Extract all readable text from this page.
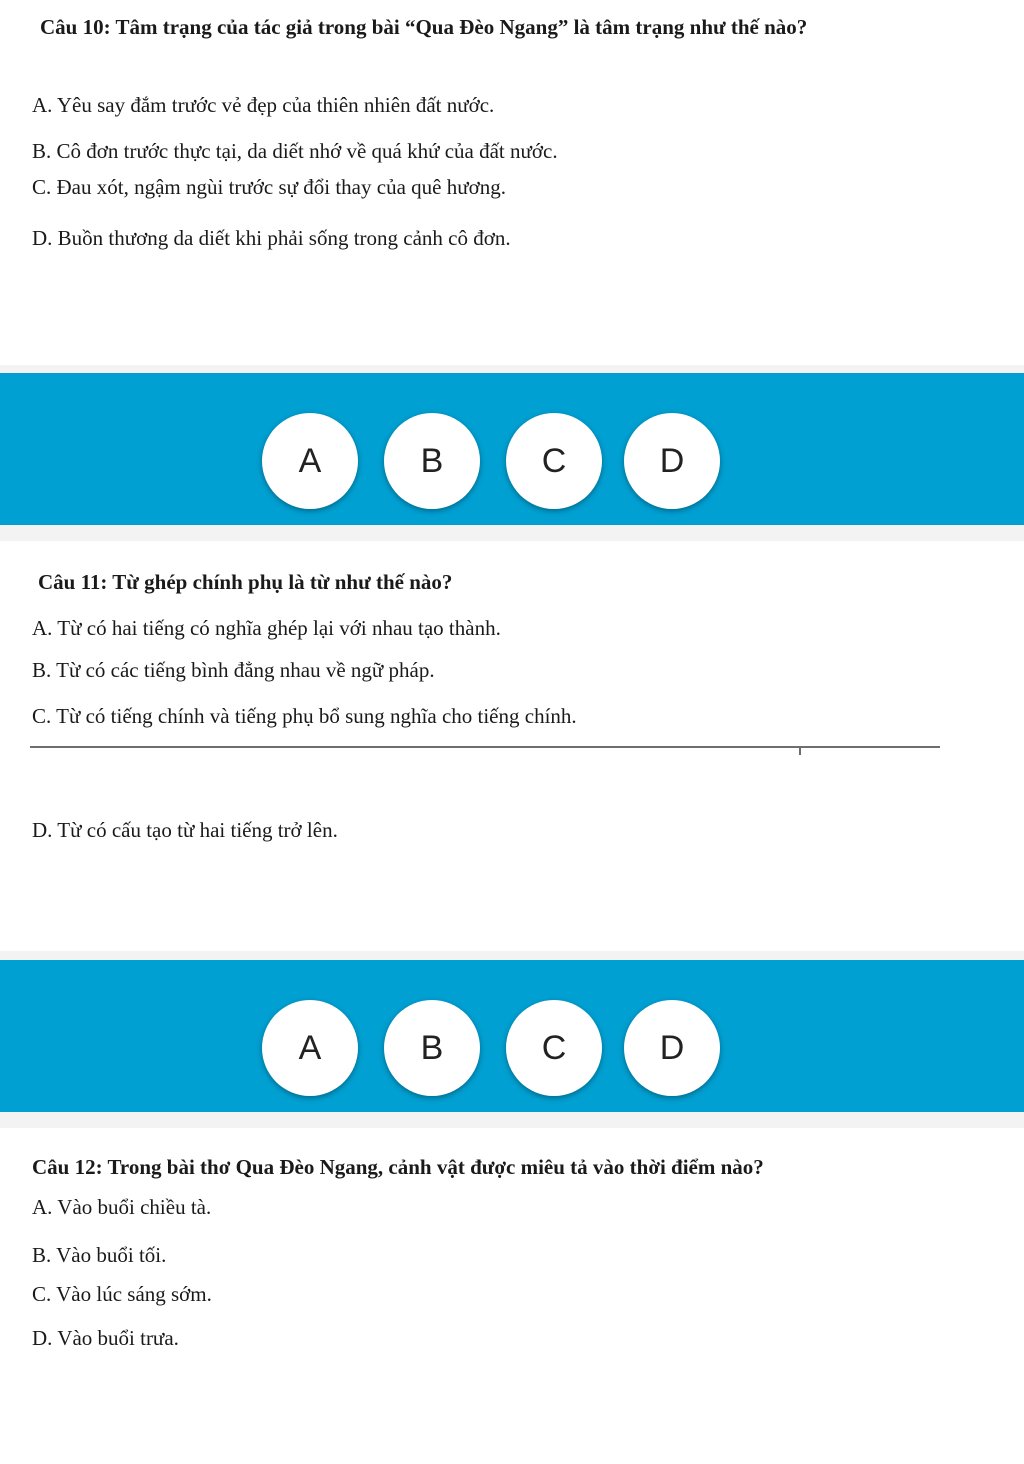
Câu 10: Tâm trạng của tác giả trong bài “Qua Đèo Ngang” là tâm trạng như thế nào?

A. Yêu say đắm trước vẻ đẹp của thiên nhiên đất nước.
B. Cô đơn trước thực tại, da diết nhớ về quá khứ của đất nước.
C. Đau xót, ngậm ngùi trước sự đổi thay của quê hương.
D. Buồn thương da diết khi phải sống trong cảnh cô đơn.
A	B	C	D

Câu 11: Từ ghép chính phụ là từ như thế nào?

A. Từ có hai tiếng có nghĩa ghép lại với nhau tạo thành.
B. Từ có các tiếng bình đẳng nhau về ngữ pháp.
C. Từ có tiếng chính và tiếng phụ bổ sung nghĩa cho tiếng chính.
D. Từ có cấu tạo từ hai tiếng trở lên.
A	B	C	D

Câu 12: Trong bài thơ Qua Đèo Ngang, cảnh vật được miêu tả vào thời điểm nào?

A. Vào buổi chiều tà.
B. Vào buổi tối.
C. Vào lúc sáng sớm.
D. Vào buổi trưa.
